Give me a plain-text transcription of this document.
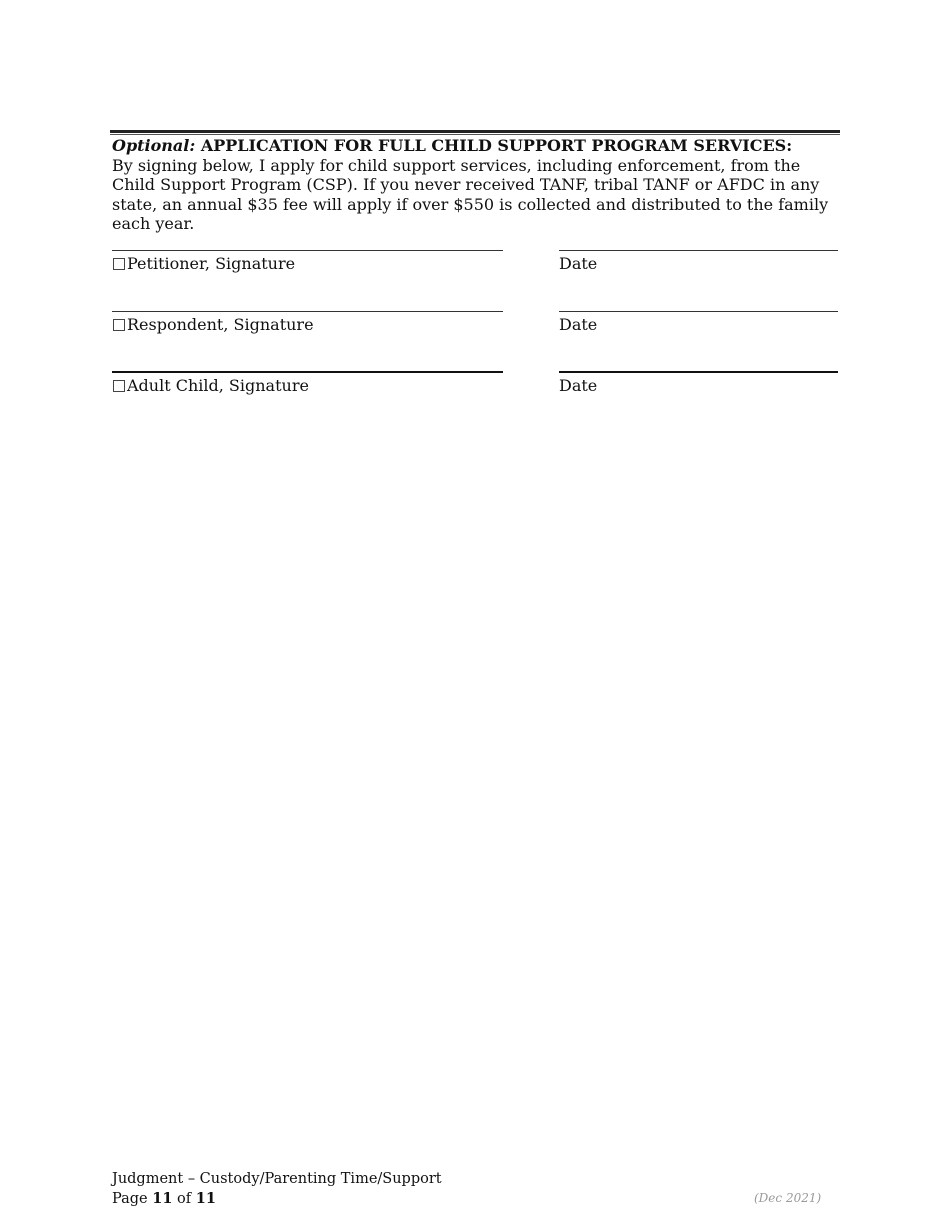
Optional: APPLICATION FOR FULL CHILD SUPPORT PROGRAM SERVICES:
By signing below, I apply for child support services, including enforcement, from the Child Support Program (CSP). If you never received TANF, tribal TANF or AFDC in any state, an annual $35 fee will apply if over $550 is collected and distributed to the family each year.
Petitioner, Signature	Date
Respondent, Signature	Date
Adult Child, Signature	Date
Judgment – Custody/Parenting Time/Support
Page 11 of 11	(Dec 2021)
